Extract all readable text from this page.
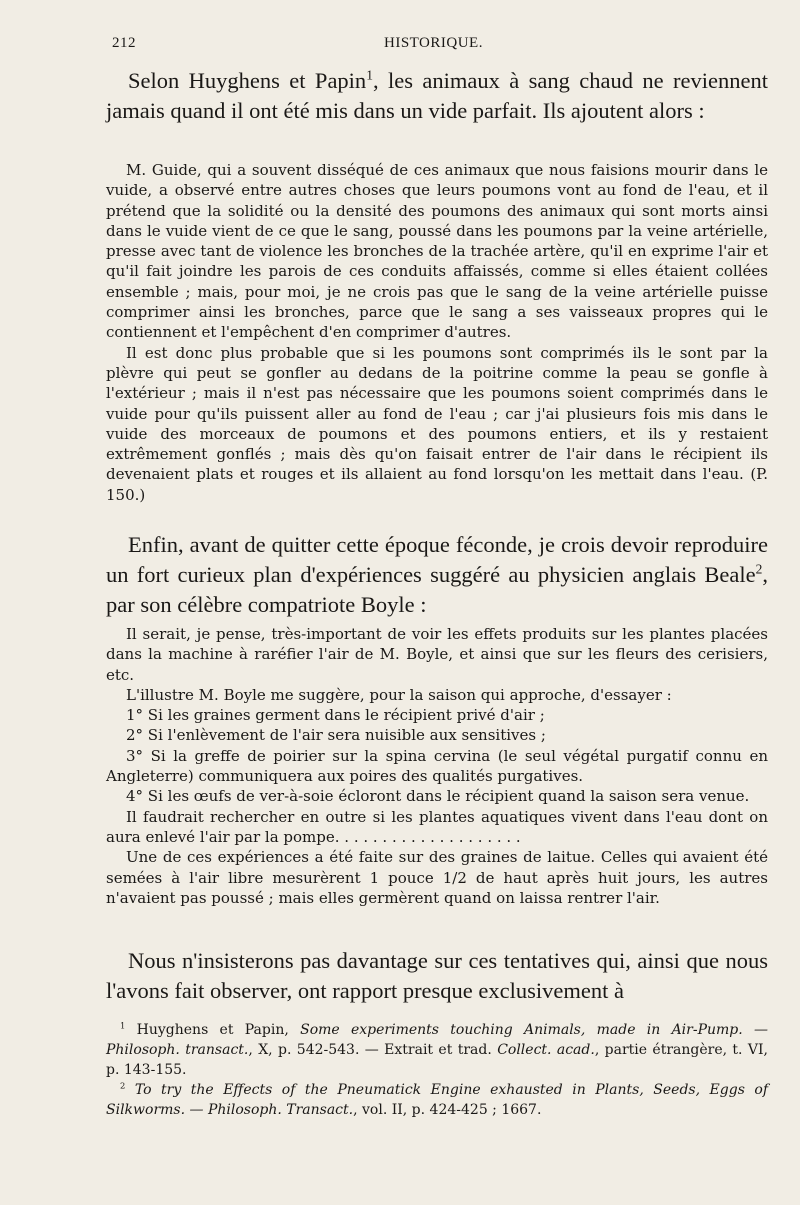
212	HISTORIQUE.

Selon Huyghens et Papin$^1$, les animaux à sang chaud ne reviennent jamais quand il ont été mis dans un vide parfait. Ils ajoutent alors :

M. Guide, qui a souvent disséqué de ces animaux que nous faisions mourir dans le vuide, a observé entre autres choses que leurs poumons vont au fond de l'eau, et il prétend que la solidité ou la densité des poumons des animaux qui sont morts ainsi dans le vuide vient de ce que le sang, poussé dans les poumons par la veine artérielle, presse avec tant de violence les bronches de la trachée artère, qu'il en exprime l'air et qu'il fait joindre les parois de ces conduits affaissés, comme si elles étaient collées ensemble ; mais, pour moi, je ne crois pas que le sang de la veine artérielle puisse comprimer ainsi les bronches, parce que le sang a ses vaisseaux propres qui le contiennent et l'empêchent d'en comprimer d'autres.

Il est donc plus probable que si les poumons sont comprimés ils le sont par la plèvre qui peut se gonfler au dedans de la poitrine comme la peau se gonfle à l'extérieur ; mais il n'est pas nécessaire que les poumons soient comprimés dans le vuide pour qu'ils puissent aller au fond de l'eau ; car j'ai plusieurs fois mis dans le vuide des morceaux de poumons et des poumons entiers, et ils y restaient extrêmement gonflés ; mais dès qu'on faisait entrer de l'air dans le récipient ils devenaient plats et rouges et ils allaient au fond lorsqu'on les mettait dans l'eau. (P. 150.)

Enfin, avant de quitter cette époque féconde, je crois devoir reproduire un fort curieux plan d'expériences suggéré au physicien anglais Beale$^2$, par son célèbre compatriote Boyle :

Il serait, je pense, très-important de voir les effets produits sur les plantes placées dans la machine à raréfier l'air de M. Boyle, et ainsi que sur les fleurs des cerisiers, etc.

L'illustre M. Boyle me suggère, pour la saison qui approche, d'essayer :

1° Si les graines germent dans le récipient privé d'air ;

2° Si l'enlèvement de l'air sera nuisible aux sensitives ;

3° Si la greffe de poirier sur la spina cervina (le seul végétal purgatif connu en Angleterre) communiquera aux poires des qualités purgatives.

4° Si les œufs de ver-à-soie écloront dans le récipient quand la saison sera venue.

Il faudrait rechercher en outre si les plantes aquatiques vivent dans l'eau dont on aura enlevé l'air par la pompe. . . . . . . . . . . . . . . . . . . .

Une de ces expériences a été faite sur des graines de laitue. Celles qui avaient été semées à l'air libre mesurèrent 1 pouce 1/2 de haut après huit jours, les autres n'avaient pas poussé ; mais elles germèrent quand on laissa rentrer l'air.

Nous n'insisterons pas davantage sur ces tentatives qui, ainsi que nous l'avons fait observer, ont rapport presque exclusivement à

$^1$ Huyghens et Papin, Some experiments touching Animals, made in Air-Pump. — Philosoph. transact., X, p. 542-543. — Extrait et trad. Collect. acad., partie étrangère, t. VI, p. 143-155.

$^2$ To try the Effects of the Pneumatick Engine exhausted in Plants, Seeds, Eggs of Silkworms. — Philosoph. Transact., vol. II, p. 424-425 ; 1667.
